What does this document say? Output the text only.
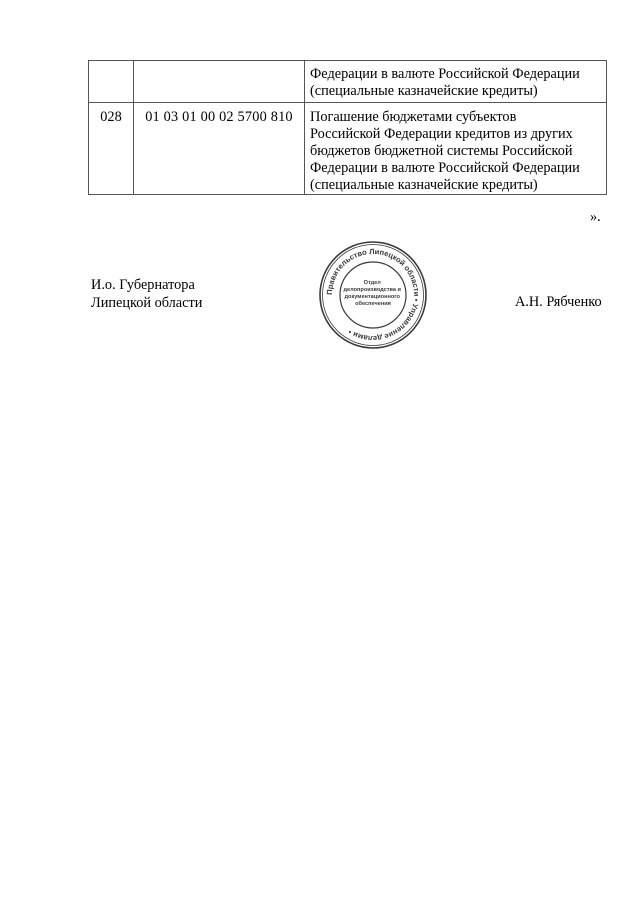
		Федерации в валюте Российской Федерации
(специальные казначейские кредиты)

028	01 03 01 00 02 5700 810	Погашение бюджетами субъектов
Российской Федерации кредитов из других
бюджетов бюджетной системы Российской
Федерации в валюте Российской Федерации
(специальные казначейские кредиты)
».
И.о. Губернатора
Липецкой области	А.Н. Рябченко
Правительство Липецкой области • Управление делами •
Отдел делопроизводства и документационного обеспечения
